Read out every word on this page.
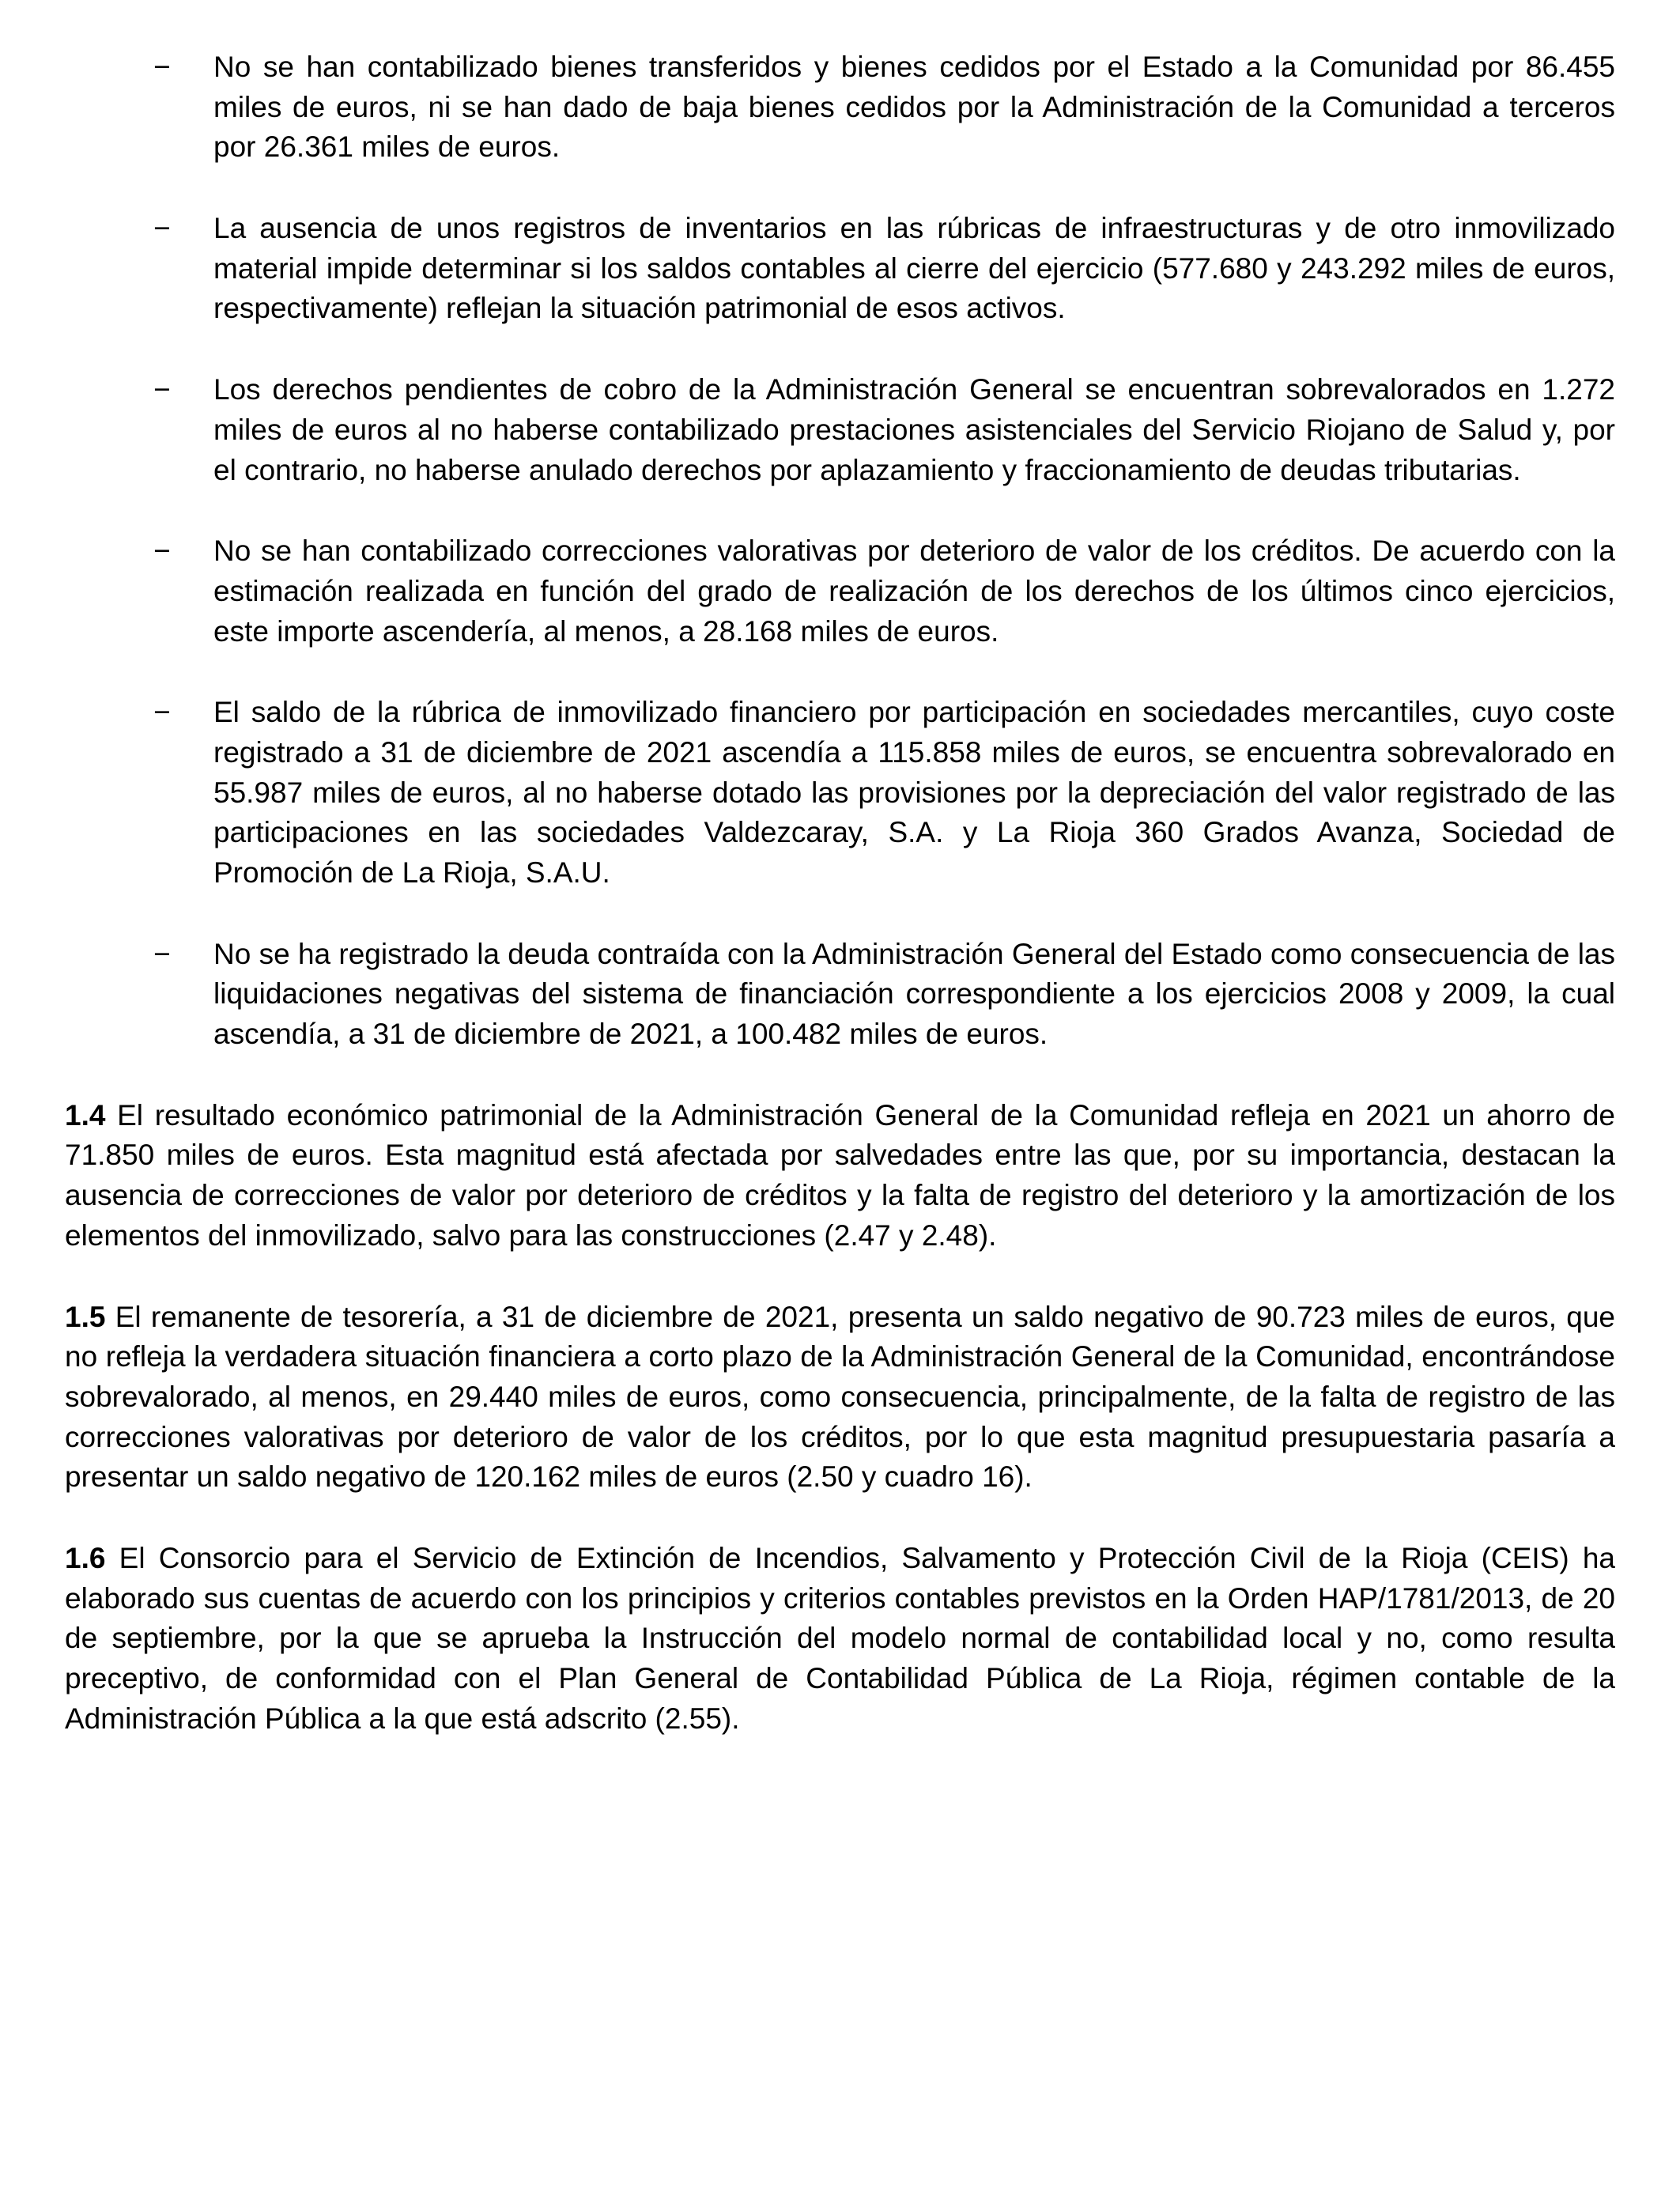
−	No se han contabilizado bienes transferidos y bienes cedidos por el Estado a la Comunidad por 86.455 miles de euros, ni se han dado de baja bienes cedidos por la Administración de la Comunidad a terceros por 26.361 miles de euros.

−	La ausencia de unos registros de inventarios en las rúbricas de infraestructuras y de otro inmovilizado material impide determinar si los saldos contables al cierre del ejercicio (577.680 y 243.292 miles de euros, respectivamente) reflejan la situación patrimonial de esos activos.

−	Los derechos pendientes de cobro de la Administración General se encuentran sobrevalorados en 1.272 miles de euros al no haberse contabilizado prestaciones asistenciales del Servicio Riojano de Salud y, por el contrario, no haberse anulado derechos por aplazamiento y fraccionamiento de deudas tributarias.

−	No se han contabilizado correcciones valorativas por deterioro de valor de los créditos. De acuerdo con la estimación realizada en función del grado de realización de los derechos de los últimos cinco ejercicios, este importe ascendería, al menos, a 28.168 miles de euros.

−	El saldo de la rúbrica de inmovilizado financiero por participación en sociedades mercantiles, cuyo coste registrado a 31 de diciembre de 2021 ascendía a 115.858 miles de euros, se encuentra sobrevalorado en 55.987 miles de euros, al no haberse dotado las provisiones por la depreciación del valor registrado de las participaciones en las sociedades Valdezcaray, S.A. y La Rioja 360 Grados Avanza, Sociedad de Promoción de La Rioja, S.A.U.

−	No se ha registrado la deuda contraída con la Administración General del Estado como consecuencia de las liquidaciones negativas del sistema de financiación correspondiente a los ejercicios 2008 y 2009, la cual ascendía, a 31 de diciembre de 2021, a 100.482 miles de euros.

1.4 El resultado económico patrimonial de la Administración General de la Comunidad refleja en 2021 un ahorro de 71.850 miles de euros. Esta magnitud está afectada por salvedades entre las que, por su importancia, destacan la ausencia de correcciones de valor por deterioro de créditos y la falta de registro del deterioro y la amortización de los elementos del inmovilizado, salvo para las construcciones (2.47 y 2.48).

1.5 El remanente de tesorería, a 31 de diciembre de 2021, presenta un saldo negativo de 90.723 miles de euros, que no refleja la verdadera situación financiera a corto plazo de la Administración General de la Comunidad, encontrándose sobrevalorado, al menos, en 29.440 miles de euros, como consecuencia, principalmente, de la falta de registro de las correcciones valorativas por deterioro de valor de los créditos, por lo que esta magnitud presupuestaria pasaría a presentar un saldo negativo de 120.162 miles de euros (2.50 y cuadro 16).

1.6 El Consorcio para el Servicio de Extinción de Incendios, Salvamento y Protección Civil de la Rioja (CEIS) ha elaborado sus cuentas de acuerdo con los principios y criterios contables previstos en la Orden HAP/1781/2013, de 20 de septiembre, por la que se aprueba la Instrucción del modelo normal de contabilidad local y no, como resulta preceptivo, de conformidad con el Plan General de Contabilidad Pública de La Rioja, régimen contable de la Administración Pública a la que está adscrito (2.55).
